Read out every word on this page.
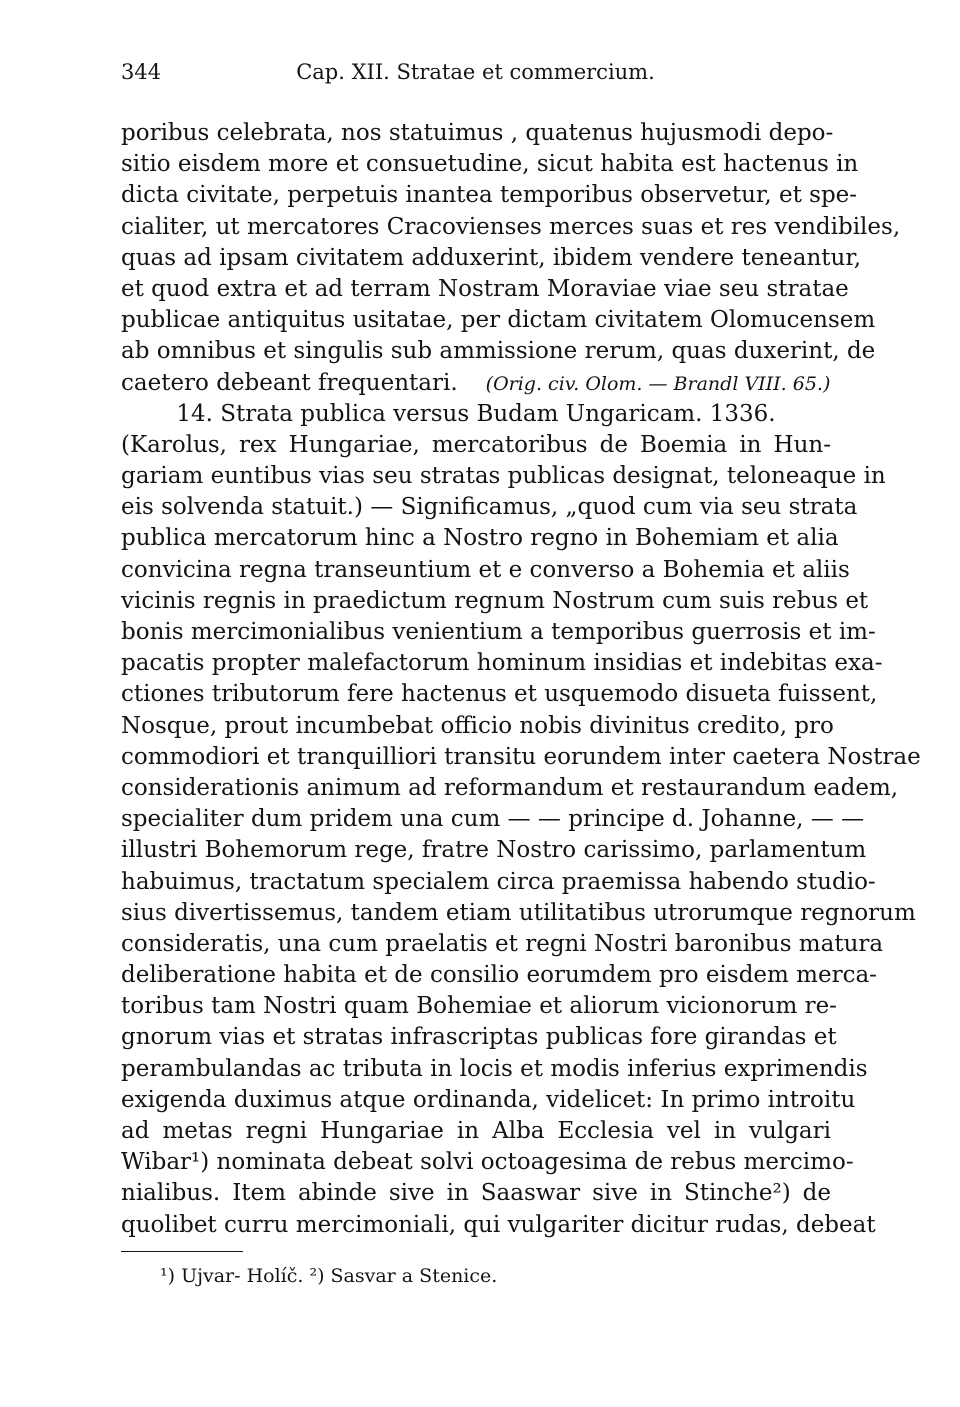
344	Cap. XII. Stratae et commercium.
poribus celebrata, nos statuimus , quatenus hujusmodi depo-
sitio eisdem more et consuetudine, sicut habita est hactenus in
dicta civitate, perpetuis inantea temporibus observetur, et spe-
cialiter, ut mercatores Cracovienses merces suas et res vendibiles,
quas ad ipsam civitatem adduxerint, ibidem vendere teneantur,
et quod extra et ad terram Nostram Moraviae viae seu stratae
publicae antiquitus usitatae, per dictam civitatem Olomucensem
ab omnibus et singulis sub ammissione rerum, quas duxerint, de
caetero debeant frequentari. (Orig. civ. Olom. — Brandl VIII. 65.)
14. Strata publica versus Budam Ungaricam. 1336.
(Karolus, rex Hungariae, mercatoribus de Boemia in Hun-
gariam euntibus vias seu stratas publicas designat, teloneaque in
eis solvenda statuit.) — Significamus, „quod cum via seu strata
publica mercatorum hinc a Nostro regno in Bohemiam et alia
convicina regna transeuntium et e converso a Bohemia et aliis
vicinis regnis in praedictum regnum Nostrum cum suis rebus et
bonis mercimonialibus venientium a temporibus guerrosis et im-
pacatis propter malefactorum hominum insidias et indebitas exa-
ctiones tributorum fere hactenus et usquemodo disueta fuissent,
Nosque, prout incumbebat officio nobis divinitus credito, pro
commodiori et tranquilliori transitu eorundem inter caetera Nostrae
considerationis animum ad reformandum et restaurandum eadem,
specialiter dum pridem una cum — — principe d. Johanne, — —
illustri Bohemorum rege, fratre Nostro carissimo, parlamentum
habuimus, tractatum specialem circa praemissa habendo studio-
sius divertissemus, tandem etiam utilitatibus utrorumque regnorum
consideratis, una cum praelatis et regni Nostri baronibus matura
deliberatione habita et de consilio eorumdem pro eisdem merca-
toribus tam Nostri quam Bohemiae et aliorum vicionorum re-
gnorum vias et stratas infrascriptas publicas fore girandas et
perambulandas ac tributa in locis et modis inferius exprimendis
exigenda duximus atque ordinanda, videlicet: In primo introitu
ad metas regni Hungariae in Alba Ecclesia vel in vulgari
Wibar¹) nominata debeat solvi octoagesima de rebus mercimo-
nialibus. Item abinde sive in Saaswar sive in Stinche²) de
quolibet curru mercimoniali, qui vulgariter dicitur rudas, debeat
¹) Ujvar- Holíč. ²) Sasvar a Stenice.
